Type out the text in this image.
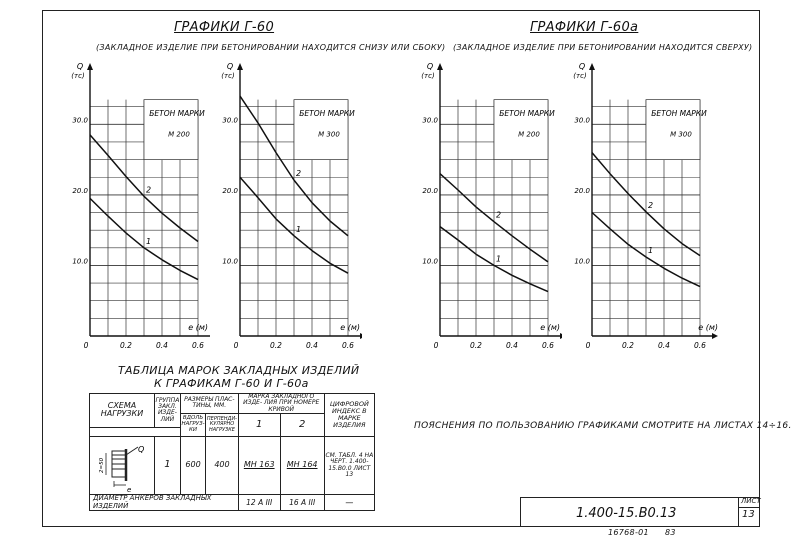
ГРАФИКИ Г-60
(ЗАКЛАДНОЕ ИЗДЕЛИЕ ПРИ БЕТОНИРОВАНИИ НАХОДИТСЯ СНИЗУ ИЛИ СБОКУ)
ГРАФИКИ Г-60а
(ЗАКЛАДНОЕ ИЗДЕЛИЕ ПРИ БЕТОНИРОВАНИИ НАХОДИТСЯ СВЕРХУ)
БЕТОН МАРКИ
М 200
Q
(тс)
10.0
20.0
30.0
0	0.2	0.4	0.6
e (м)
2
1
БЕТОН МАРКИ
М 300
Q
(тс)
10.0
20.0
30.0
0	0.2	0.4	0.6
e (м)
2
1
БЕТОН МАРКИ
М 200
Q
(тс)
10.0
20.0
30.0
0	0.2	0.4	0.6
e (м)
2
1
БЕТОН МАРКИ
М 300
Q
(тс)
10.0
20.0
30.0
0	0.2	0.4	0.6
e (м)
2
1
ТАБЛИЦА МАРОК ЗАКЛАДНЫХ ИЗДЕЛИЙ
К ГРАФИКАМ Г-60 И Г-60а
СХЕМА НАГРУЗКИ	ГРУППА ЗАКЛ. ИЗДЕ- ЛИЙ	РАЗМЕРЫ ПЛАС- ТИНЫ, ММ.		МАРКА ЗАКЛАДНОГО ИЗДЕ- ЛИЯ ПРИ НОМЕРЕ КРИВОЙ		ЦИФРОВОЙ ИНДЕКС В МАРКЕ ИЗДЕЛИЯ
		ВДОЛЬ НАГРУЗ- КИ	ПЕРПЕНДИ- КУЛЯРНО НАГРУЗКЕ	1	2	

Q
e
2=50	1	600	400	МН 163	МН 164	СМ. ТАБЛ. 4 НА ЧЕРТ. 1.400-15.В0.0 ЛИСТ 13
ДИАМЕТР АНКЕРОВ ЗАКЛАДНЫХ ИЗДЕЛИЙ				12 А III	16 А III	—
ПОЯСНЕНИЯ ПО ПОЛЬЗОВАНИЮ ГРАФИКАМИ СМОТРИТЕ НА ЛИСТАХ 14÷16.
1.400-15.В0.13
ЛИСТ
13
16768-01 83
